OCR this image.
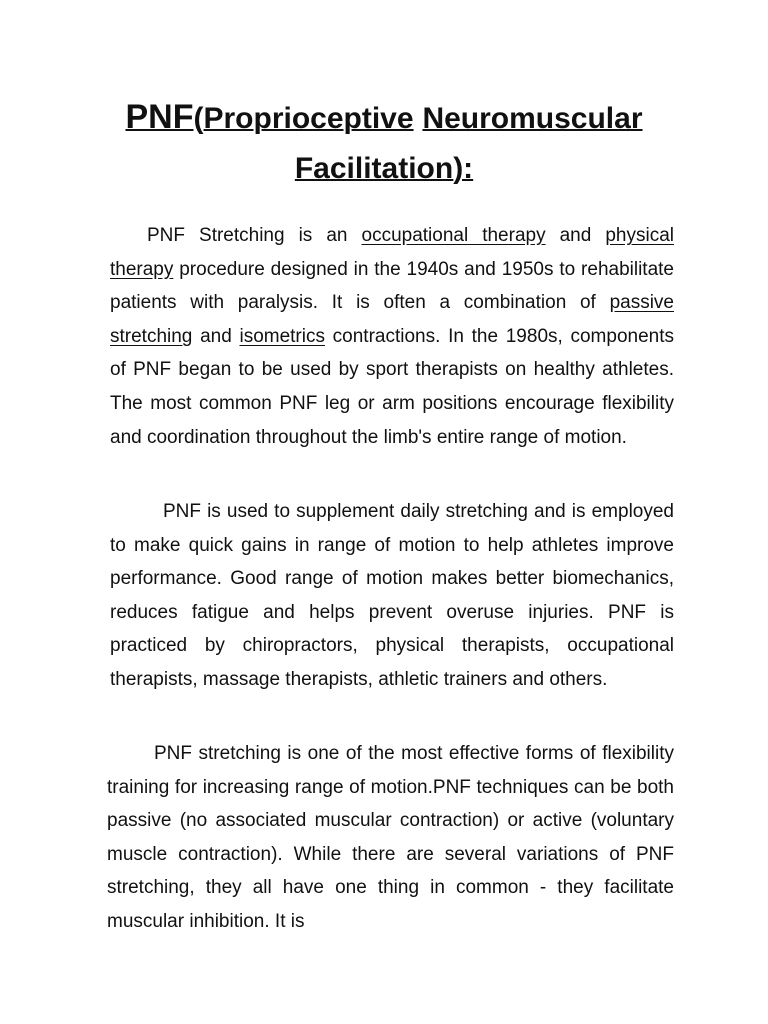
PNF(Proprioceptive Neuromuscular
Facilitation):

PNF Stretching is an occupational therapy and physical therapy procedure designed in the 1940s and 1950s to rehabilitate patients with paralysis. It is often a combination of passive stretching and isometrics contractions. In the 1980s, components of PNF began to be used by sport therapists on healthy athletes. The most common PNF leg or arm positions encourage flexibility and coordination throughout the limb's entire range of motion.

PNF is used to supplement daily stretching and is employed to make quick gains in range of motion to help athletes improve performance. Good range of motion makes better biomechanics, reduces fatigue and helps prevent overuse injuries. PNF is practiced by chiropractors, physical therapists, occupational therapists, massage therapists, athletic trainers and others.

PNF stretching is one of the most effective forms of flexibility training for increasing range of motion.PNF techniques can be both passive (no associated muscular contraction) or active (voluntary muscle contraction). While there are several variations of PNF stretching, they all have one thing in common - they facilitate muscular inhibition. It is
